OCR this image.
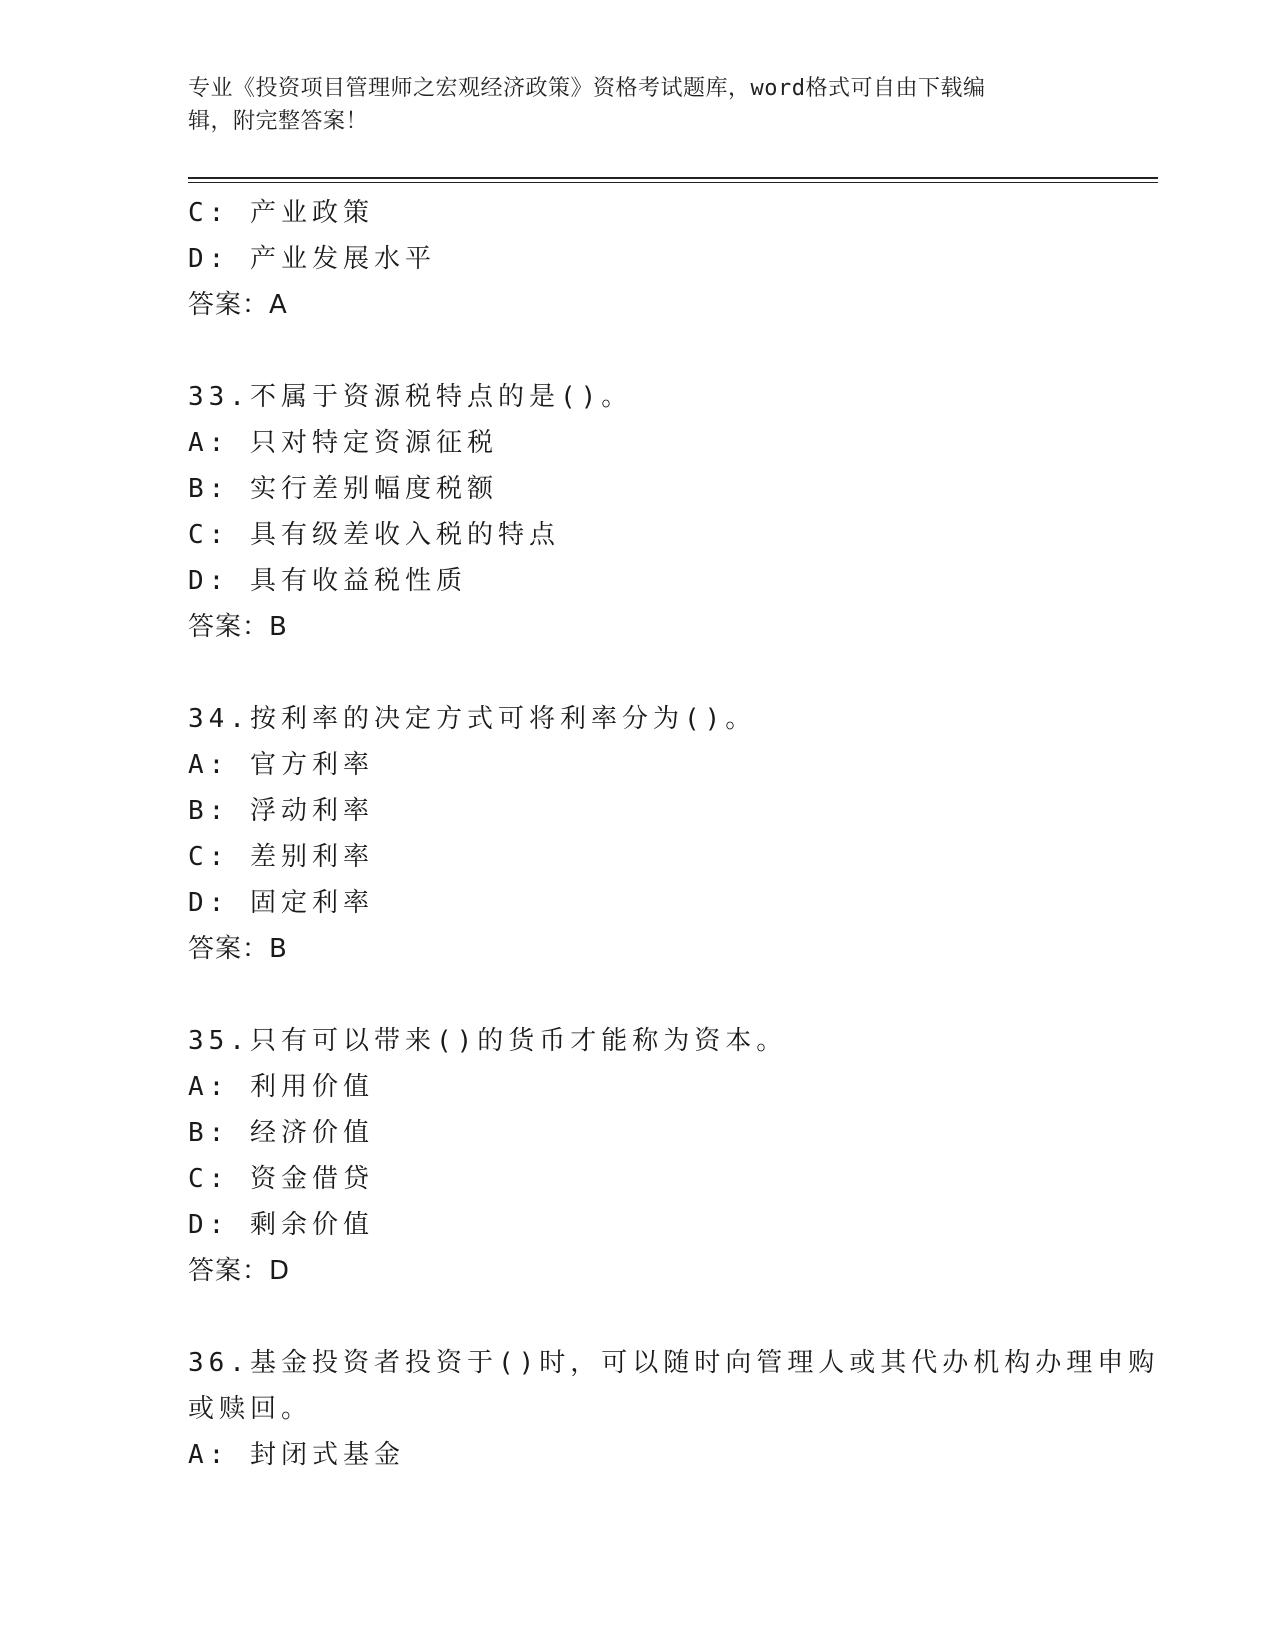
专业《投资项目管理师之宏观经济政策》资格考试题库，word格式可自由下载编
辑，附完整答案！
C: 产业政策
D: 产业发展水平
答案：A
33.不属于资源税特点的是()。
A: 只对特定资源征税
B: 实行差别幅度税额
C: 具有级差收入税的特点
D: 具有收益税性质
答案：B
34.按利率的决定方式可将利率分为()。
A: 官方利率
B: 浮动利率
C: 差别利率
D: 固定利率
答案：B
35.只有可以带来()的货币才能称为资本。
A: 利用价值
B: 经济价值
C: 资金借贷
D: 剩余价值
答案：D
36.基金投资者投资于()时，可以随时向管理人或其代办机构办理申购
或赎回。
A: 封闭式基金
